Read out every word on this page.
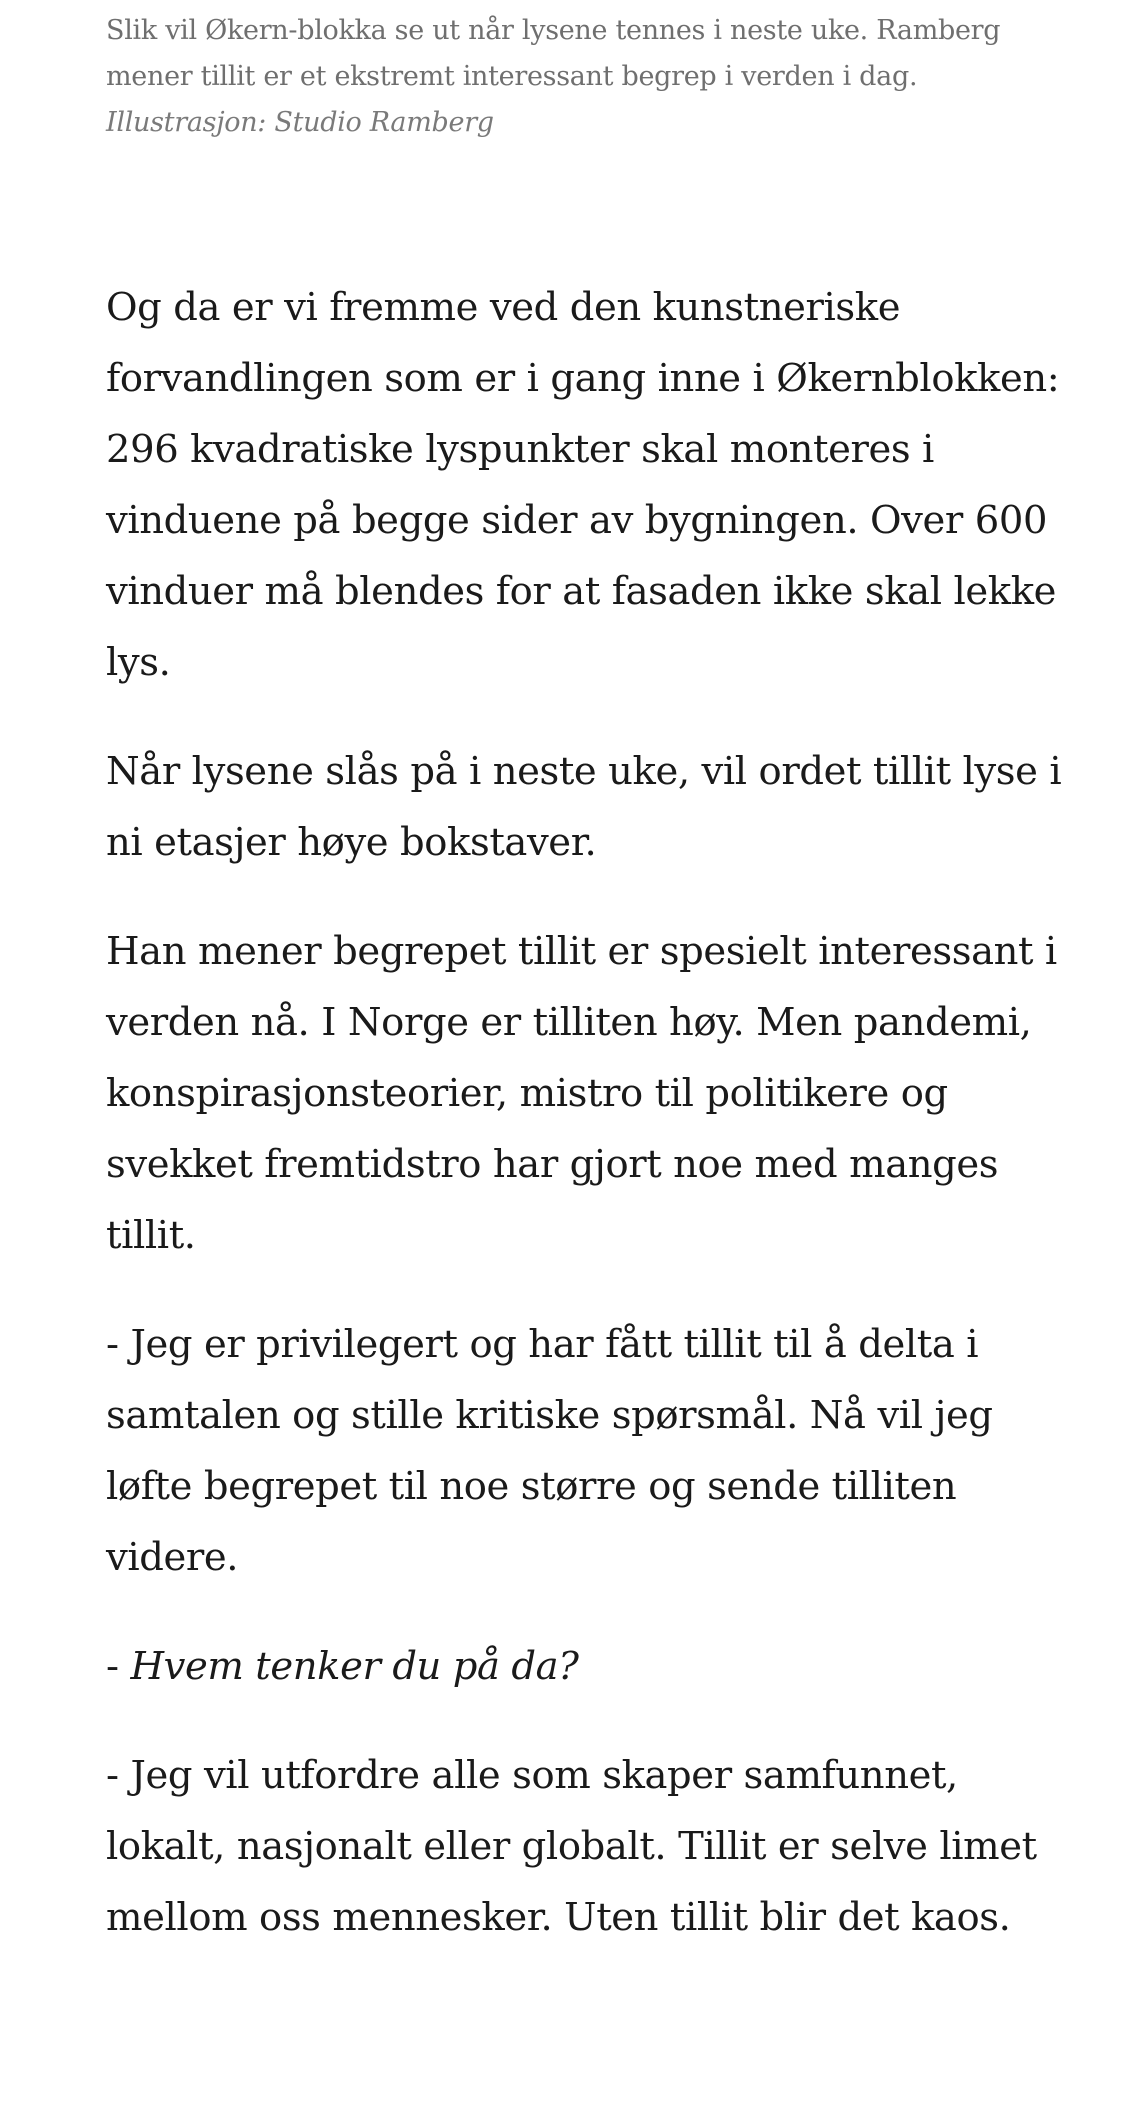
Slik vil Økern-blokka se ut når lysene tennes i neste uke. Ramberg mener tillit er et ekstremt interessant begrep i verden i dag.
Illustrasjon: Studio Ramberg

Og da er vi fremme ved den kunstneriske forvandlingen som er i gang inne i Økernblokken: 296 kvadratiske lyspunkter skal monteres i vinduene på begge sider av bygningen. Over 600 vinduer må blendes for at fasaden ikke skal lekke lys.

Når lysene slås på i neste uke, vil ordet tillit lyse i ni etasjer høye bokstaver.

Han mener begrepet tillit er spesielt interessant i verden nå. I Norge er tilliten høy. Men pandemi, konspirasjonsteorier, mistro til politikere og svekket fremtidstro har gjort noe med manges tillit.

- Jeg er privilegert og har fått tillit til å delta i samtalen og stille kritiske spørsmål. Nå vil jeg løfte begrepet til noe større og sende tilliten videre.

- Hvem tenker du på da?

- Jeg vil utfordre alle som skaper samfunnet, lokalt, nasjonalt eller globalt. Tillit er selve limet mellom oss mennesker. Uten tillit blir det kaos.
